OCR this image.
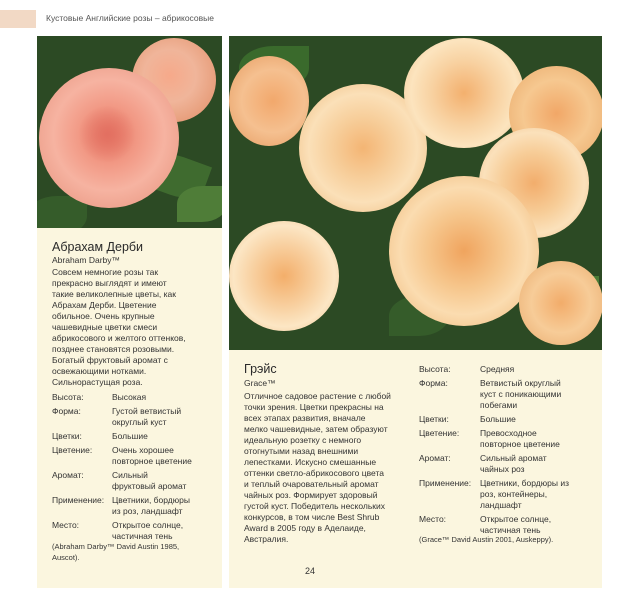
Кустовые Английские розы – абрикосовые
Абрахам Дерби
Abraham Darby™
Совсем немногие розы так
прекрасно выглядят и имеют
такие великолепные цветы, как
Абрахам Дерби. Цветение
обильное. Очень крупные
чашевидные цветки смеси
абрикосового и желтого оттенков,
позднее становятся розовыми.
Богатый фруктовый аромат с
освежающими нотками.
Сильнорастущая роза.
Высота:	Высокая
Форма:	Густой ветвистый
округлый куст
Цветки:	Большие
Цветение: Очень хорошее
повторное цветение
Аромат:	Сильный
фруктовый аромат
Применение: Цветники, бордюры
из роз, ландшафт
Место:	Открытое солнце,
частичная тень
(Abraham Darby™ David Austin 1985,
Auscot).
Грэйс
Grace™
Отличное садовое растение с любой
точки зрения. Цветки прекрасны на
всех этапах развития, вначале
мелко чашевидные, затем образуют
идеальную розетку с немного
отогнутыми назад внешними
лепестками. Искусно смешанные
оттенки светло-абрикосового цвета
и теплый очаровательный аромат
чайных роз. Формирует здоровый
густой куст. Победитель нескольких
конкурсов, в том числе Best Shrub
Award в 2005 году в Аделаиде,
Австралия.
Высота:	Средняя
Форма:	Ветвистый округлый
куст с поникающими
побегами
Цветки:	Большие
Цветение: Превосходное
повторное цветение
Аромат:	Сильный аромат
чайных роз
Применение: Цветники, бордюры из
роз, контейнеры,
ландшафт
Место:	Открытое солнце,
частичная тень
(Grace™ David Austin 2001, Auskeppy).
24
